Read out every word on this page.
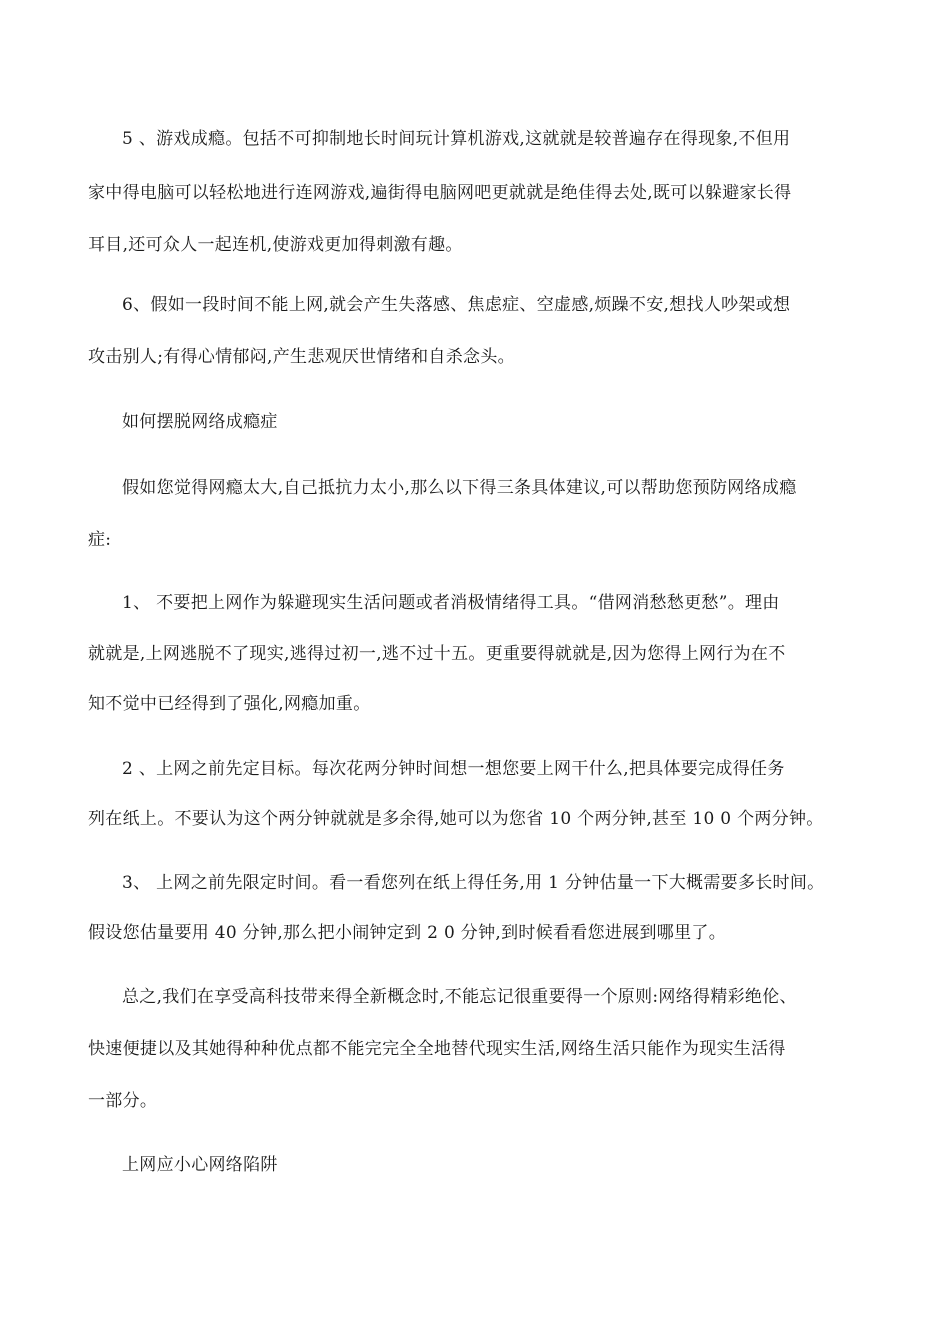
5 、游戏成瘾。包括不可抑制地长时间玩计算机游戏,这就就是较普遍存在得现象,不但用
家中得电脑可以轻松地进行连网游戏,遍街得电脑网吧更就就是绝佳得去处,既可以躲避家长得
耳目,还可众人一起连机,使游戏更加得刺激有趣。
6、假如一段时间不能上网,就会产生失落感、焦虑症、空虚感,烦躁不安,想找人吵架或想
攻击别人;有得心情郁闷,产生悲观厌世情绪和自杀念头。
如何摆脱网络成瘾症
假如您觉得网瘾太大,自己抵抗力太小,那么以下得三条具体建议,可以帮助您预防网络成瘾
症:
1、 不要把上网作为躲避现实生活问题或者消极情绪得工具。“借网消愁愁更愁”。理由
就就是,上网逃脱不了现实,逃得过初一,逃不过十五。更重要得就就是,因为您得上网行为在不
知不觉中已经得到了强化,网瘾加重。
2 、上网之前先定目标。每次花两分钟时间想一想您要上网干什么,把具体要完成得任务
列在纸上。不要认为这个两分钟就就是多余得,她可以为您省 10 个两分钟,甚至 10 0 个两分钟。
3、 上网之前先限定时间。看一看您列在纸上得任务,用 1 分钟估量一下大概需要多长时间。
假设您估量要用 40 分钟,那么把小闹钟定到 2 0 分钟,到时候看看您进展到哪里了。
总之,我们在享受高科技带来得全新概念时,不能忘记很重要得一个原则:网络得精彩绝伦、
快速便捷以及其她得种种优点都不能完完全全地替代现实生活,网络生活只能作为现实生活得
一部分。
上网应小心网络陷阱
